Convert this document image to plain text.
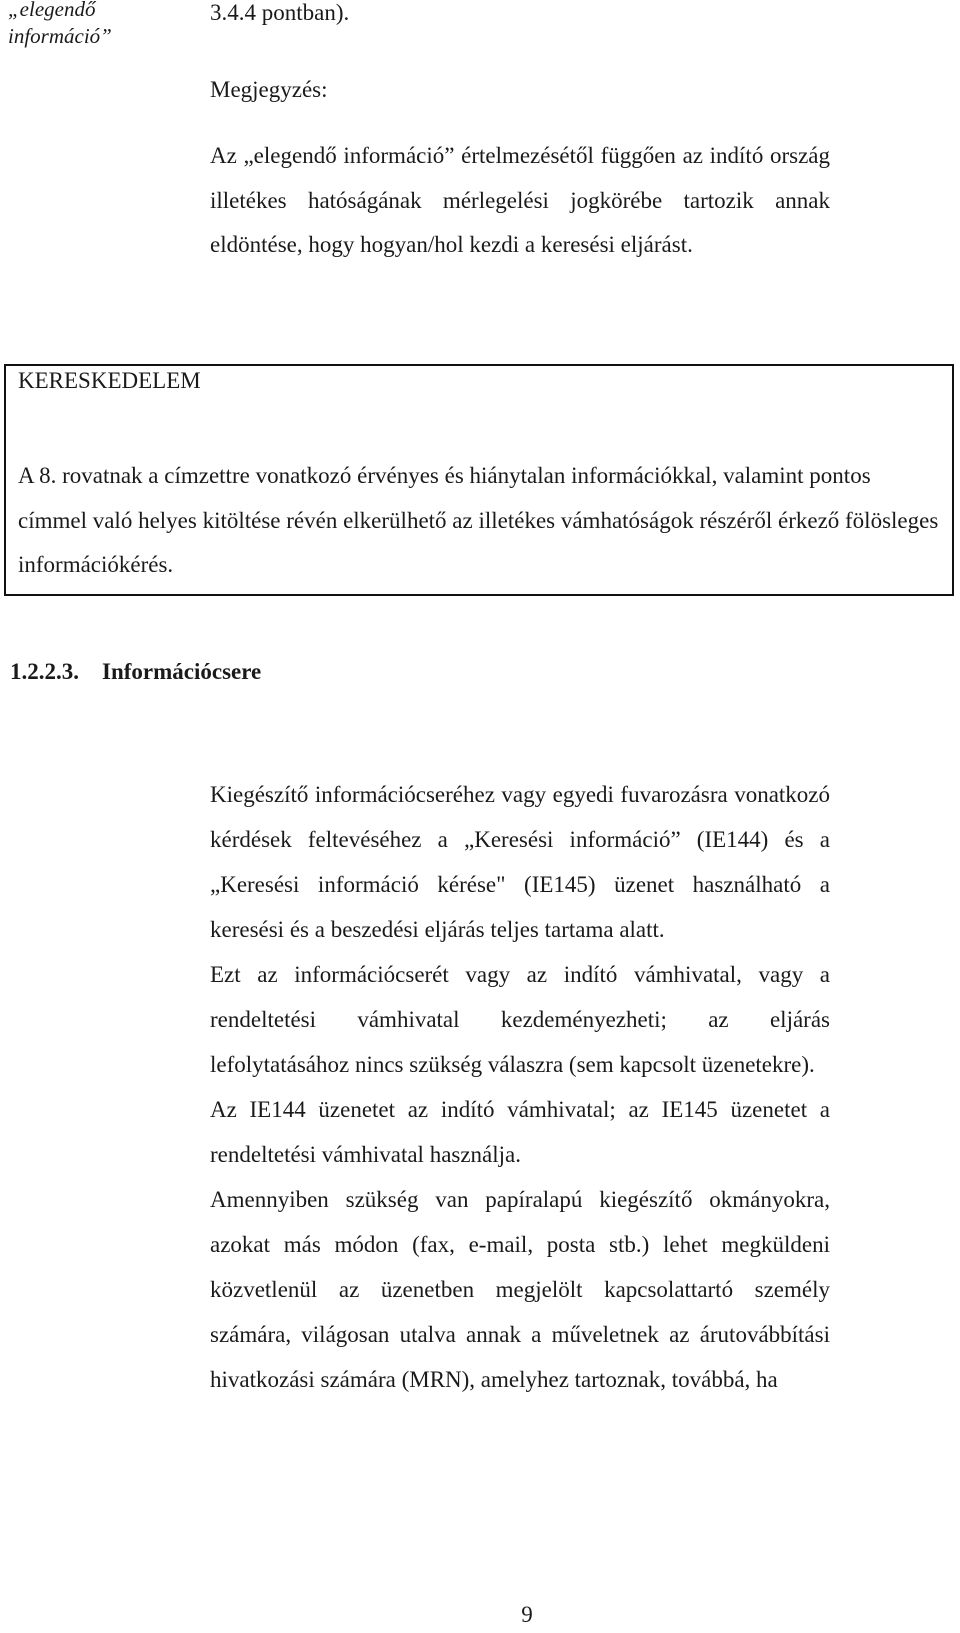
„elegendő információ”
3.4.4 pontban).
Megjegyzés:
Az „elegendő információ” értelmezésétől függően az indító ország illetékes hatóságának mérlegelési jogkörébe tartozik annak eldöntése, hogy hogyan/hol kezdi a keresési eljárást.
KERESKEDELEM
A 8. rovatnak a címzettre vonatkozó érvényes és hiánytalan információkkal, valamint pontos címmel való helyes kitöltése révén elkerülhető az illetékes vámhatóságok részéről érkező fölösleges információkérés.
1.2.2.3. Információcsere

Kiegészítő információcseréhez vagy egyedi fuvarozásra vonatkozó kérdések feltevéséhez a „Keresési információ” (IE144) és a „Keresési információ kérése" (IE145) üzenet használható a keresési és a beszedési eljárás teljes tartama alatt.

Ezt az információcserét vagy az indító vámhivatal, vagy a rendeltetési vámhivatal kezdeményezheti; az eljárás lefolytatásához nincs szükség válaszra (sem kapcsolt üzenetekre).

Az IE144 üzenetet az indító vámhivatal; az IE145 üzenetet a rendeltetési vámhivatal használja.

Amennyiben szükség van papíralapú kiegészítő okmányokra, azokat más módon (fax, e-mail, posta stb.) lehet megküldeni közvetlenül az üzenetben megjelölt kapcsolattartó személy számára, világosan utalva annak a műveletnek az árutovábbítási hivatkozási számára (MRN), amelyhez tartoznak, továbbá, ha

9
